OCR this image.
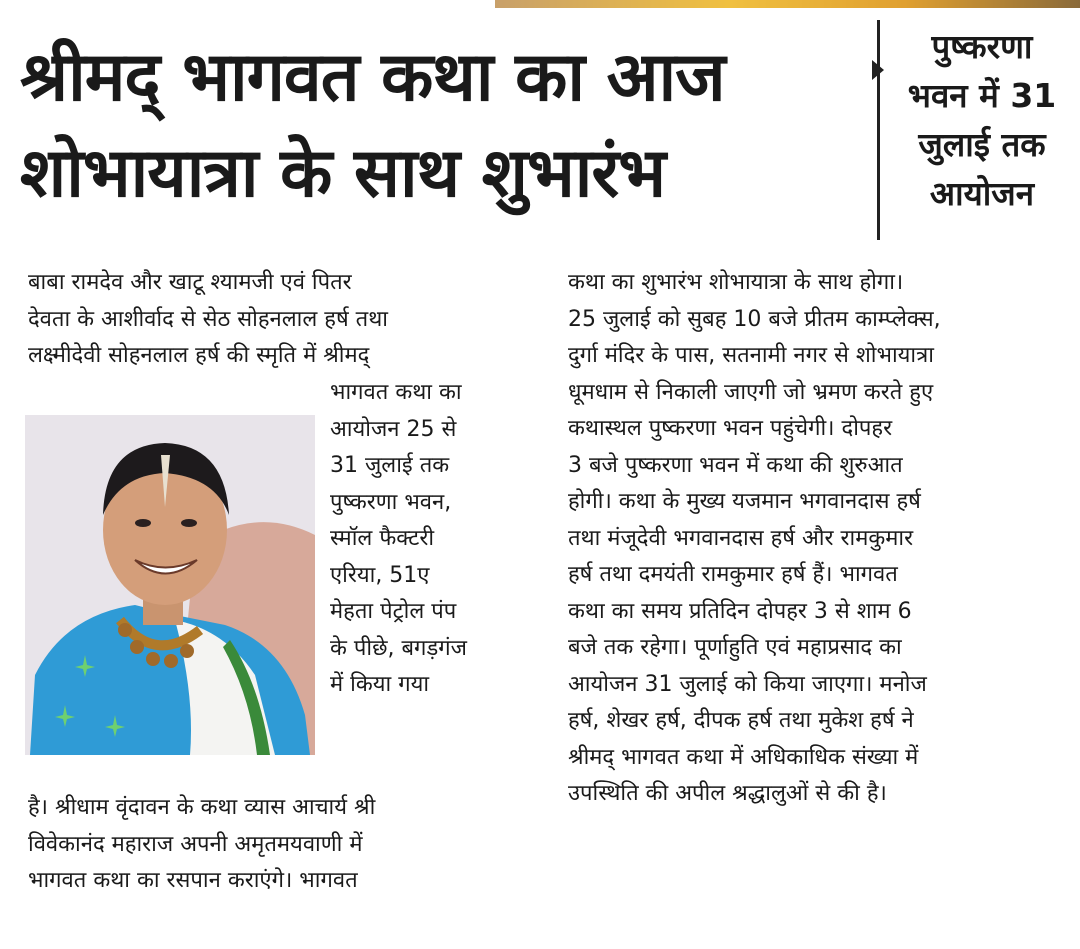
श्रीमद् भागवत कथा का आज
शोभायात्रा के साथ शुभारंभ
पुष्करणा
भवन में 31
जुलाई तक
आयोजन
बाबा रामदेव और खाटू श्यामजी एवं पितर
देवता के आशीर्वाद से सेठ सोहनलाल हर्ष तथा
लक्ष्मीदेवी सोहनलाल हर्ष की स्मृति में श्रीमद्
भागवत कथा का
आयोजन 25 से
31 जुलाई तक
पुष्करणा भवन,
स्मॉल फैक्टरी
एरिया, 51ए
मेहता पेट्रोल पंप
के पीछे, बगड़गंज
में किया गया
है। श्रीधाम वृंदावन के कथा व्यास आचार्य श्री
विवेकानंद महाराज अपनी अमृतमयवाणी में
भागवत कथा का रसपान कराएंगे। भागवत
कथा का शुभारंभ शोभायात्रा के साथ होगा।
25 जुलाई को सुबह 10 बजे प्रीतम काम्प्लेक्स,
दुर्गा मंदिर के पास, सतनामी नगर से शोभायात्रा
धूमधाम से निकाली जाएगी जो भ्रमण करते हुए
कथास्थल पुष्करणा भवन पहुंचेगी। दोपहर
3 बजे पुष्करणा भवन में कथा की शुरुआत
होगी। कथा के मुख्य यजमान भगवानदास हर्ष
तथा मंजूदेवी भगवानदास हर्ष और रामकुमार
हर्ष तथा दमयंती रामकुमार हर्ष हैं। भागवत
कथा का समय प्रतिदिन दोपहर 3 से शाम 6
बजे तक रहेगा। पूर्णाहुति एवं महाप्रसाद का
आयोजन 31 जुलाई को किया जाएगा। मनोज
हर्ष, शेखर हर्ष, दीपक हर्ष तथा मुकेश हर्ष ने
श्रीमद् भागवत कथा में अधिकाधिक संख्या में
उपस्थिति की अपील श्रद्धालुओं से की है।
